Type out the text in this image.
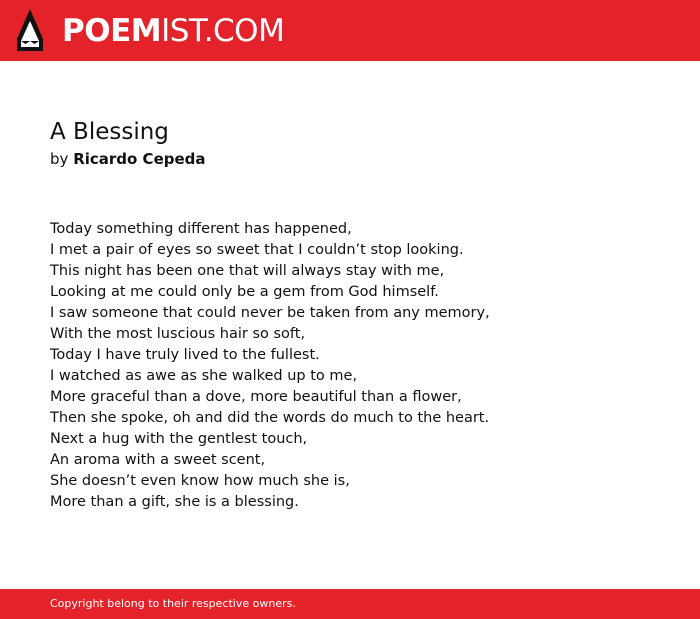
POEMIST.COM
A Blessing
by Ricardo Cepeda
Today something different has happened,
I met a pair of eyes so sweet that I couldn’t stop looking.
This night has been one that will always stay with me,
Looking at me could only be a gem from God himself.
I saw someone that could never be taken from any memory,
With the most luscious hair so soft,
Today I have truly lived to the fullest.
I watched as awe as she walked up to me,
More graceful than a dove, more beautiful than a flower,
Then she spoke, oh and did the words do much to the heart.
Next a hug with the gentlest touch,
An aroma with a sweet scent,
She doesn’t even know how much she is,
More than a gift, she is a blessing.
Copyright belong to their respective owners.
